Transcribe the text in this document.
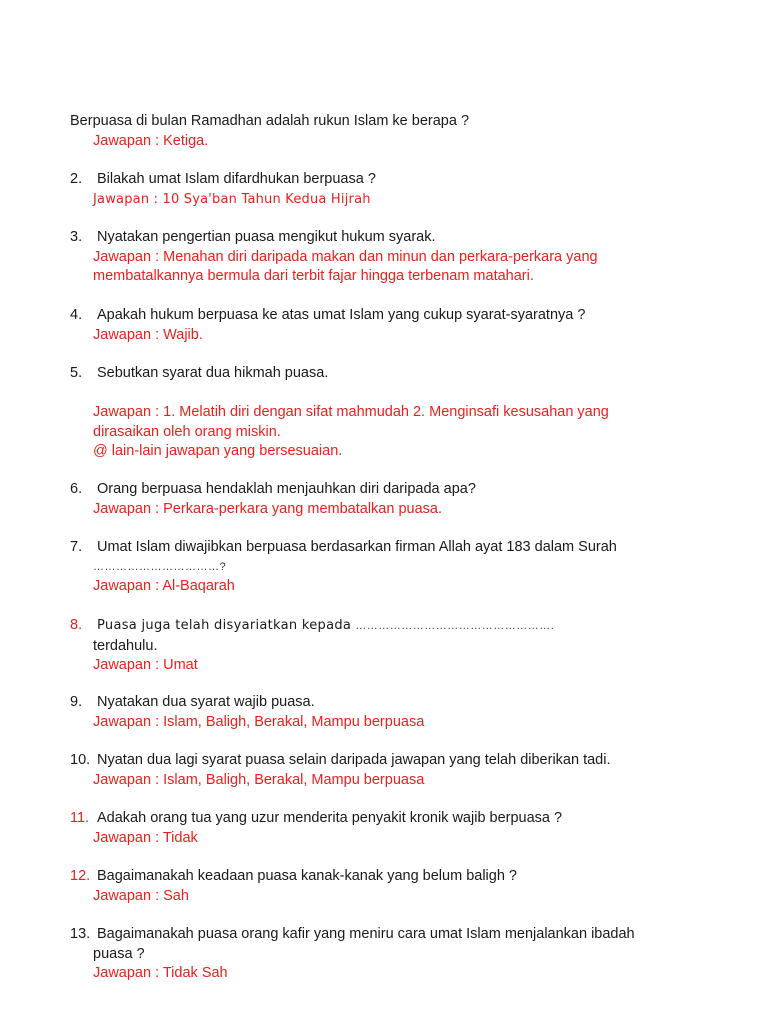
Berpuasa di bulan Ramadhan adalah rukun Islam ke berapa ?
Jawapan : Ketiga.
2. Bilakah umat Islam difardhukan berpuasa ?
Jawapan : 10 Sya'ban Tahun Kedua Hijrah
3. Nyatakan pengertian puasa mengikut hukum syarak.
Jawapan : Menahan diri daripada makan dan minun dan perkara-perkara yang
membatalkannya bermula dari terbit fajar hingga terbenam matahari.
4. Apakah hukum berpuasa ke atas umat Islam yang cukup syarat-syaratnya ?
Jawapan : Wajib.
5. Sebutkan syarat dua hikmah puasa.
Jawapan : 1. Melatih diri dengan sifat mahmudah 2. Menginsafi kesusahan yang
dirasaikan oleh orang miskin.
@ lain-lain jawapan yang bersesuaian.
6. Orang berpuasa hendaklah menjauhkan diri daripada apa?
Jawapan : Perkara-perkara yang membatalkan puasa.
7. Umat Islam diwajibkan berpuasa berdasarkan firman Allah ayat 183 dalam Surah
……………………………?
Jawapan : Al-Baqarah
8. Puasa juga telah disyariatkan kepada …………………………………………….
terdahulu.
Jawapan : Umat
9. Nyatakan dua syarat wajib puasa.
Jawapan : Islam, Baligh, Berakal, Mampu berpuasa
10. Nyatan dua lagi syarat puasa selain daripada jawapan yang telah diberikan tadi.
Jawapan : Islam, Baligh, Berakal, Mampu berpuasa
11. Adakah orang tua yang uzur menderita penyakit kronik wajib berpuasa ?
Jawapan : Tidak
12. Bagaimanakah keadaan puasa kanak-kanak yang belum baligh ?
Jawapan : Sah
13. Bagaimanakah puasa orang kafir yang meniru cara umat Islam menjalankan ibadah
puasa ?
Jawapan : Tidak Sah
